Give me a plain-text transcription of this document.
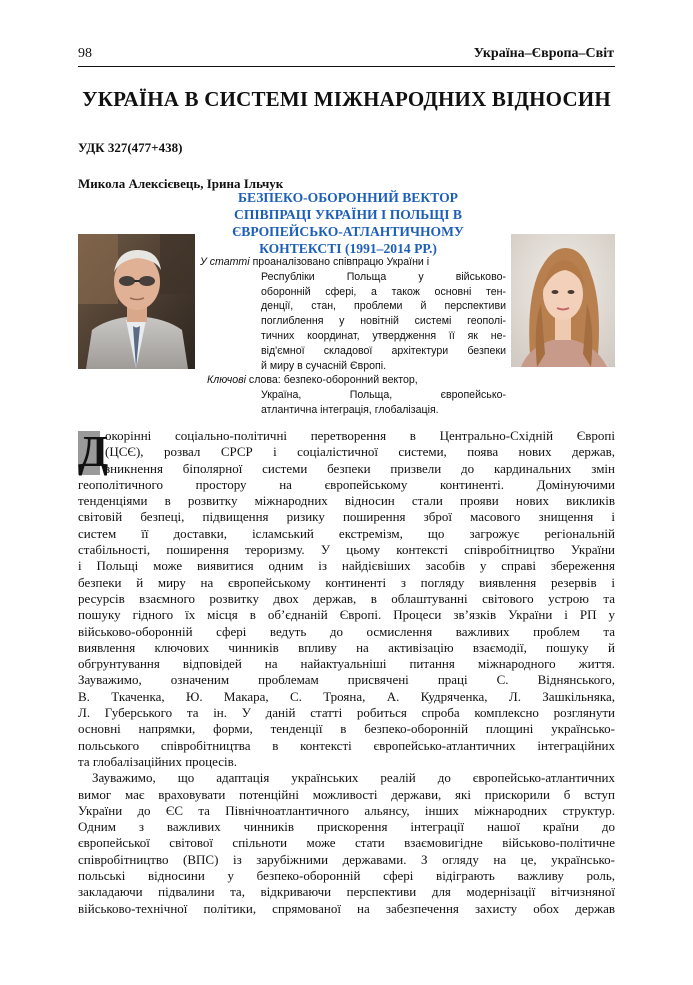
98	Україна–Європа–Світ
УКРАЇНА В СИСТЕМІ МІЖНАРОДНИХ ВІДНОСИН
УДК 327(477+438)
Микола Алексієвець, Ірина Ільчук
БЕЗПЕКО-ОБОРОННИЙ ВЕКТОР
СПІВПРАЦІ УКРАЇНИ І ПОЛЬЩІ В
ЄВРОПЕЙСЬКО-АТЛАНТИЧНОМУ
КОНТЕКСТІ (1991–2014 РР.)
У статті проаналізовано співпрацю України і
Республіки Польща у військово-
оборонній сфері, а також основні тен-
денції, стан, проблеми й перспективи
поглиблення у новітній системі геополі-
тичних координат, утвердження її як не-
від'ємної складової архітектури безпеки
й миру в сучасній Європі.
Ключові слова: безпеко-оборонний вектор,
Україна, Польща, європейсько-
атлантична інтеграція, глобалізація.
Д
окорінні соціально-політичні перетворення в Центрально-Східній Європі
(ЦСЄ), розвал СРСР і соціалістичної системи, поява нових держав,
зникнення біполярної системи безпеки призвели до кардинальних змін
геополітичного простору на європейському континенті. Домінуючими
тенденціями в розвитку міжнародних відносин стали прояви нових викликів
світовій безпеці, підвищення ризику поширення зброї масового знищення і
систем її доставки, ісламський екстремізм, що загрожує регіональній
стабільності, поширення тероризму. У цьому контексті співробітництво України
і Польщі може виявитися одним із найдієвіших засобів у справі збереження
безпеки й миру на європейському континенті з погляду виявлення резервів і
ресурсів взаємного розвитку двох держав, в облаштуванні світового устрою та
пошуку гідного їх місця в об’єднаній Європі. Процеси зв’язків України і РП у
військово-оборонній сфері ведуть до осмислення важливих проблем та
виявлення ключових чинників впливу на активізацію взаємодії, пошуку й
обгрунтування відповідей на найактуальніші питання міжнародного життя.
Зауважимо, означеним проблемам присвячені праці С. Віднянського,
В. Ткаченка, Ю. Макара, С. Трояна, А. Кудряченка, Л. Зашкільняка,
Л. Губерського та ін. У даній статті робиться спроба комплексно розглянути
основні напрямки, форми, тенденції в безпеко-оборонній площині українсько-
польського співробітництва в контексті європейсько-атлантичних інтеграційних
та глобалізаційних процесів.
Зауважимо, що адаптація українських реалій до європейсько-атлантичних
вимог має враховувати потенційні можливості держави, які прискорили б вступ
України до ЄС та Північноатлантичного альянсу, інших міжнародних структур.
Одним з важливих чинників прискорення інтеграції нашої країни до
європейської світової спільноти може стати взаємовигідне військово-політичне
співробітництво (ВПС) із зарубіжними державами. З огляду на це, українсько-
польські відносини у безпеко-оборонній сфері відіграють важливу роль,
закладаючи підвалини та, відкриваючи перспективи для модернізації вітчизняної
військово-технічної політики, спрямованої на забезпечення захисту обох держав
